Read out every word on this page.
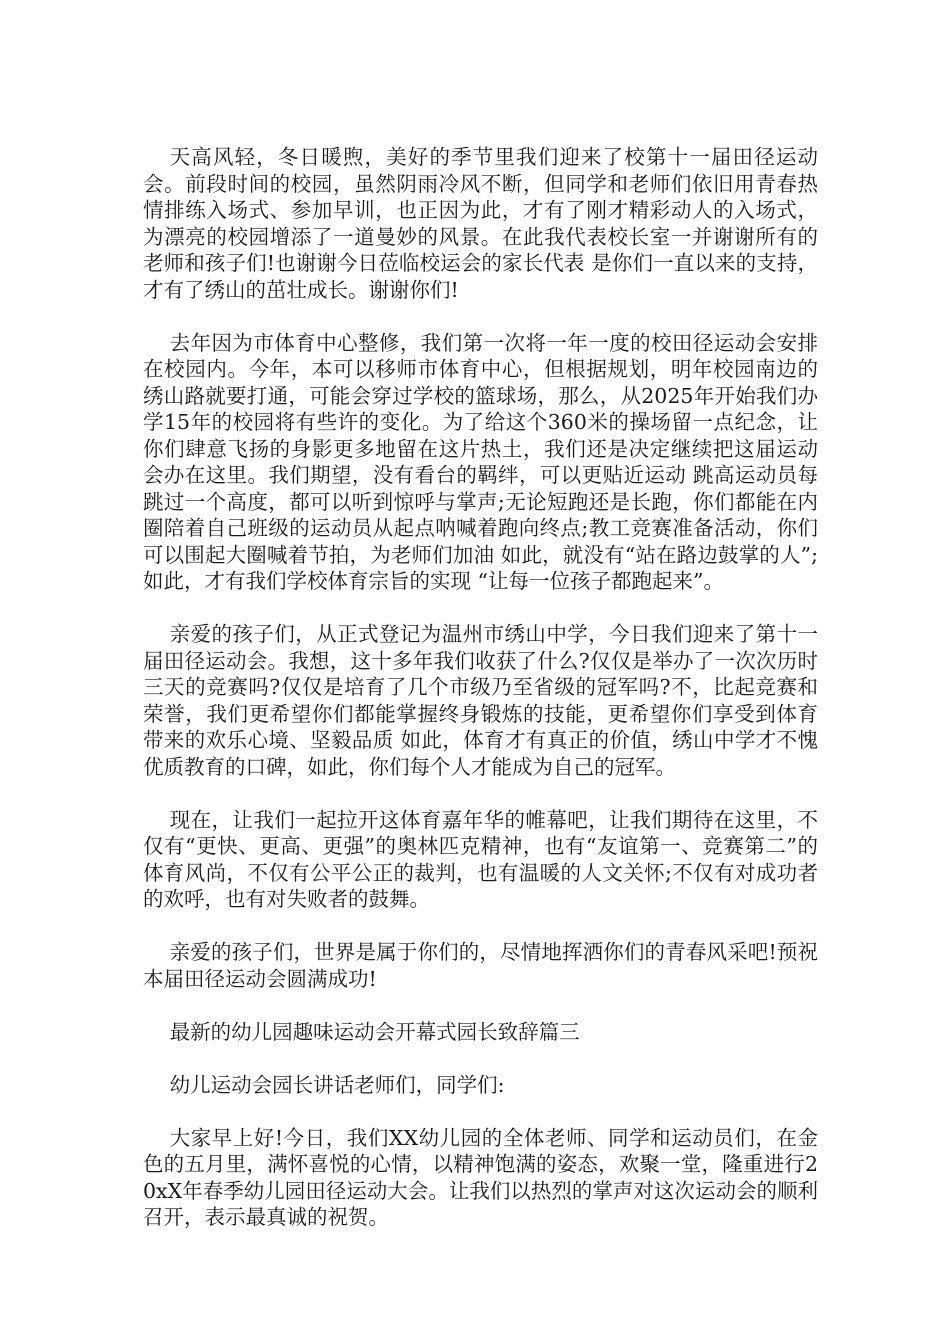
天高风轻，冬日暖煦，美好的季节里我们迎来了校第十一届田径运动会。前段时间的校园，虽然阴雨冷风不断，但同学和老师们依旧用青春热情排练入场式、参加早训，也正因为此，才有了刚才精彩动人的入场式，为漂亮的校园增添了一道曼妙的风景。在此我代表校长室一并谢谢所有的老师和孩子们!也谢谢今日莅临校运会的家长代表 是你们一直以来的支持，才有了绣山的茁壮成长。谢谢你们!

去年因为市体育中心整修，我们第一次将一年一度的校田径运动会安排在校园内。今年，本可以移师市体育中心，但根据规划，明年校园南边的绣山路就要打通，可能会穿过学校的篮球场，那么，从2025年开始我们办学15年的校园将有些许的变化。为了给这个360米的操场留一点纪念，让你们肆意飞扬的身影更多地留在这片热土，我们还是决定继续把这届运动会办在这里。我们期望，没有看台的羁绊，可以更贴近运动 跳高运动员每跳过一个高度，都可以听到惊呼与掌声;无论短跑还是长跑，你们都能在内圈陪着自己班级的运动员从起点呐喊着跑向终点;教工竞赛准备活动，你们可以围起大圈喊着节拍，为老师们加油 如此，就没有“站在路边鼓掌的人”;如此，才有我们学校体育宗旨的实现 “让每一位孩子都跑起来”。

亲爱的孩子们，从正式登记为温州市绣山中学，今日我们迎来了第十一届田径运动会。我想，这十多年我们收获了什么?仅仅是举办了一次次历时三天的竞赛吗?仅仅是培育了几个市级乃至省级的冠军吗?不，比起竞赛和荣誉，我们更希望你们都能掌握终身锻炼的技能，更希望你们享受到体育带来的欢乐心境、坚毅品质 如此，体育才有真正的价值，绣山中学才不愧优质教育的口碑，如此，你们每个人才能成为自己的冠军。

现在，让我们一起拉开这体育嘉年华的帷幕吧，让我们期待在这里，不仅有“更快、更高、更强”的奥林匹克精神，也有“友谊第一、竞赛第二”的体育风尚，不仅有公平公正的裁判，也有温暖的人文关怀;不仅有对成功者的欢呼，也有对失败者的鼓舞。

亲爱的孩子们，世界是属于你们的，尽情地挥洒你们的青春风采吧!预祝本届田径运动会圆满成功!

最新的幼儿园趣味运动会开幕式园长致辞篇三

幼儿运动会园长讲话老师们，同学们:

大家早上好!今日，我们XX幼儿园的全体老师、同学和运动员们，在金色的五月里，满怀喜悦的心情，以精神饱满的姿态，欢聚一堂，隆重进行20xX年春季幼儿园田径运动大会。让我们以热烈的掌声对这次运动会的顺利召开，表示最真诚的祝贺。
